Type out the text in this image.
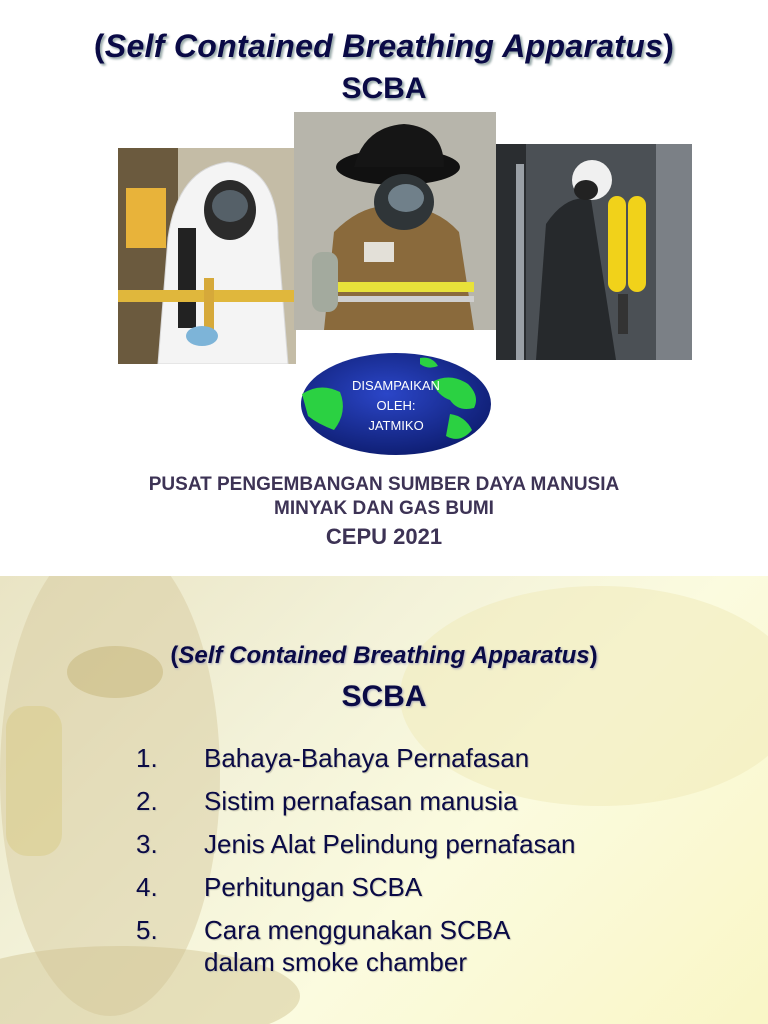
(Self Contained Breathing Apparatus)
SCBA
DISAMPAIKAN
OLEH:
JATMIKO
PUSAT PENGEMBANGAN SUMBER DAYA MANUSIA
MINYAK DAN GAS BUMI
CEPU 2021
(Self Contained Breathing Apparatus)
SCBA
1.	Bahaya-Bahaya Pernafasan
2.	Sistim pernafasan manusia
3.	Jenis Alat Pelindung pernafasan
4.	Perhitungan SCBA
5.	Cara menggunakan SCBA dalam smoke chamber
